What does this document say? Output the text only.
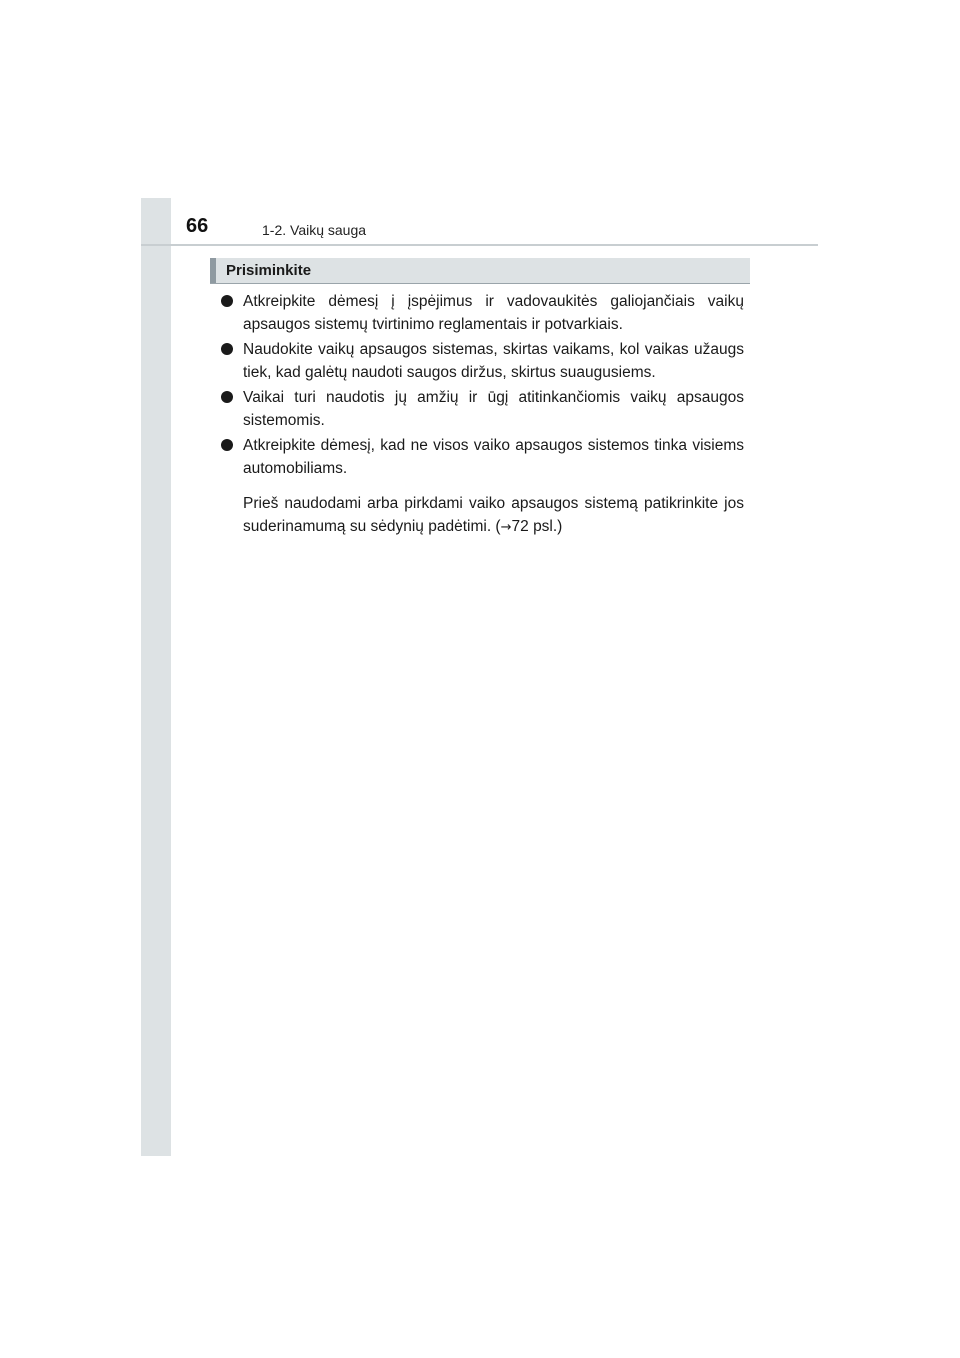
66	1-2. Vaikų sauga
Prisiminkite
Atkreipkite dėmesį į įspėjimus ir vadovaukitės galiojančiais vaikų apsaugos sistemų tvirtinimo reglamentais ir potvarkiais.
Naudokite vaikų apsaugos sistemas, skirtas vaikams, kol vaikas užaugs tiek, kad galėtų naudoti saugos diržus, skirtus suaugusiems.
Vaikai turi naudotis jų amžių ir ūgį atitinkančiomis vaikų apsaugos sistemomis.
Atkreipkite dėmesį, kad ne visos vaiko apsaugos sistemos tinka visiems automobiliams.
Prieš naudodami arba pirkdami vaiko apsaugos sistemą patikrinkite jos suderinamumą su sėdynių padėtimi. (→72 psl.)
